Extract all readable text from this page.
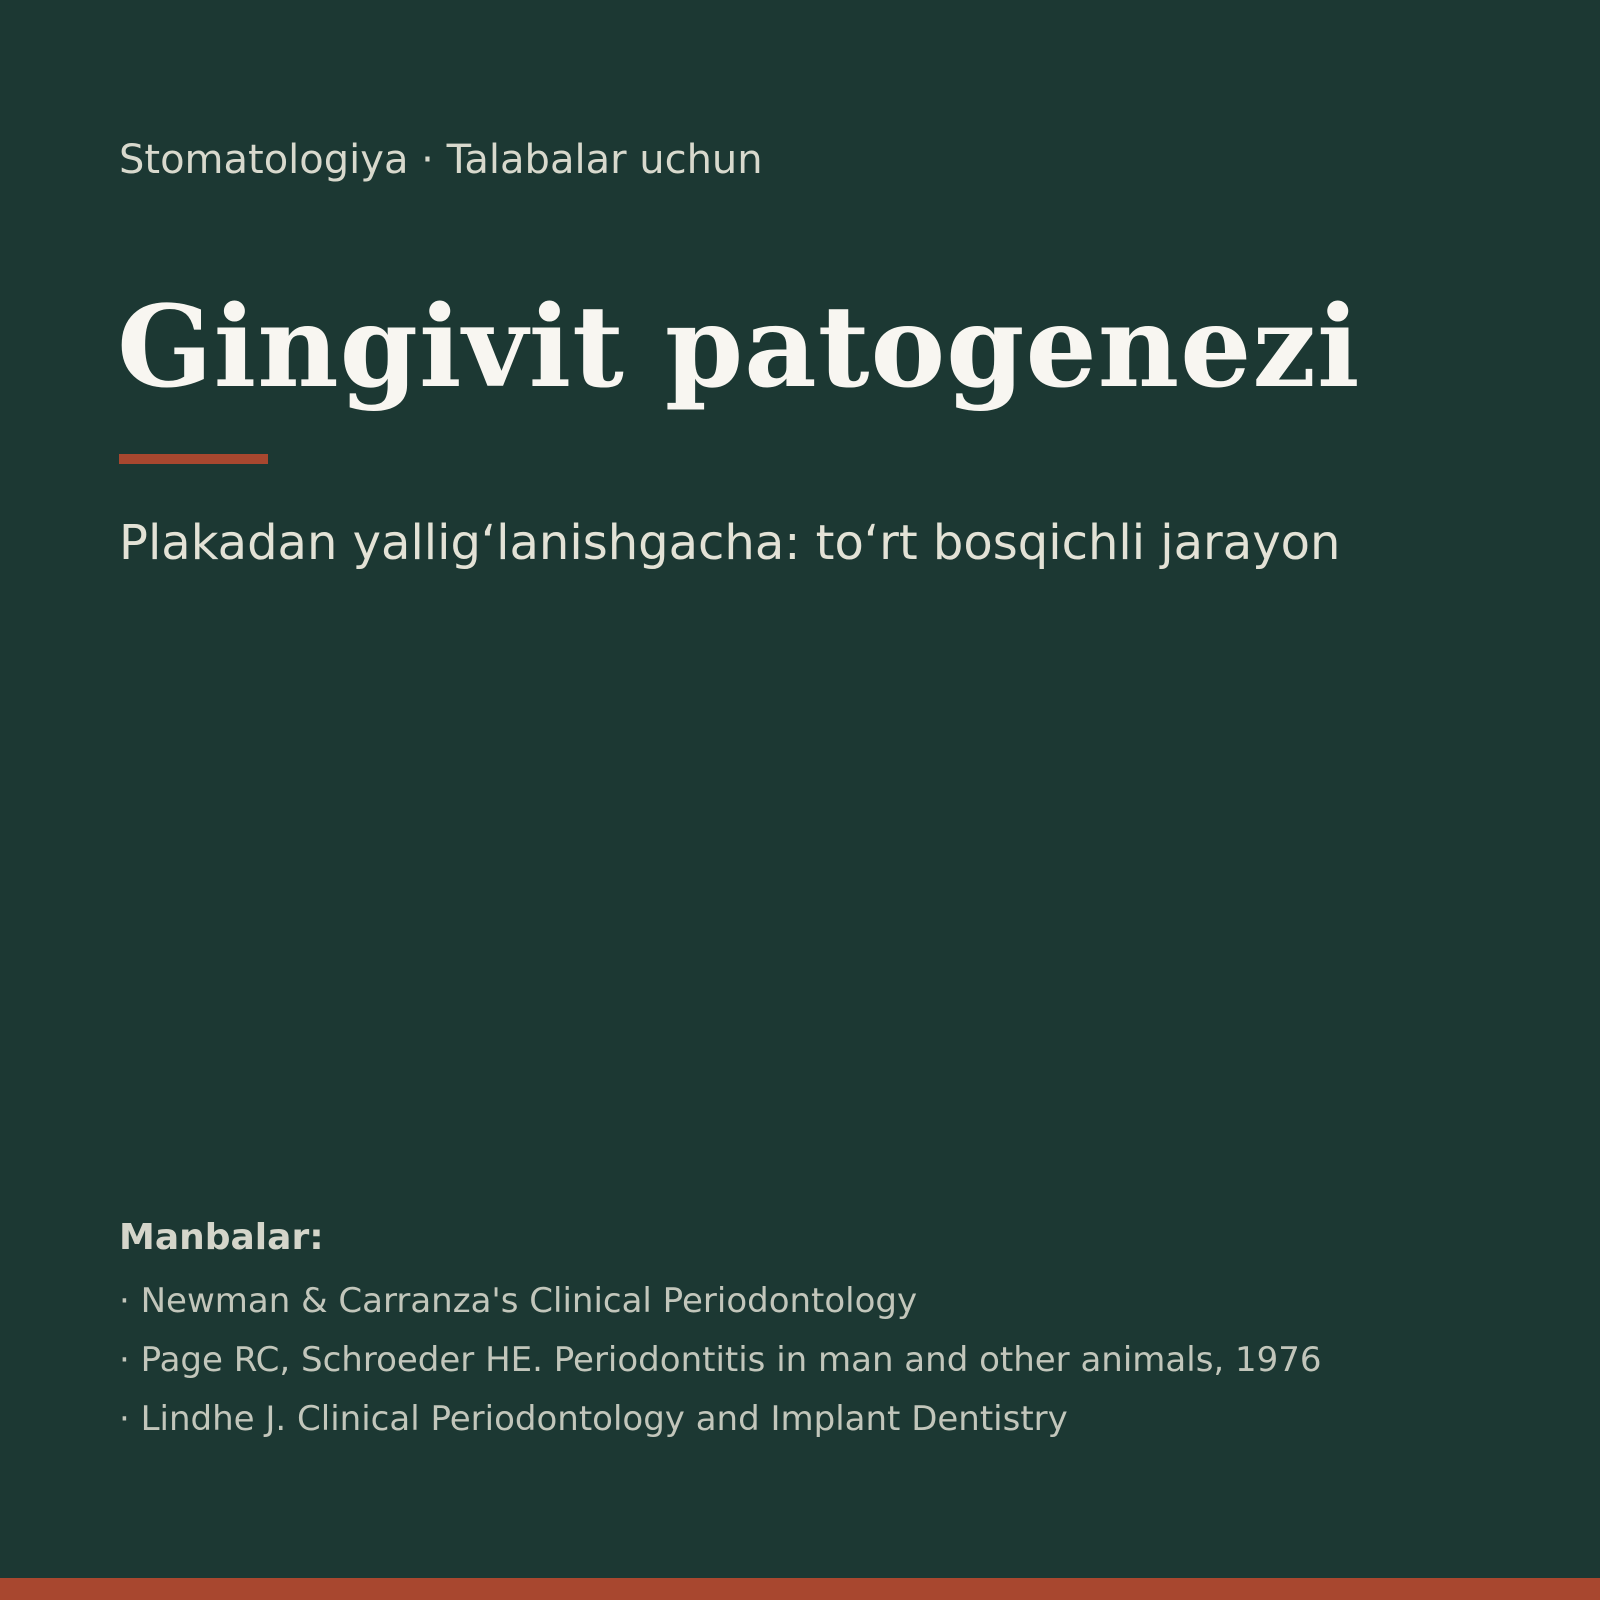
Stomatologiya · Talabalar uchun
Gingivit patogenezi
Plakadan yallig‘lanishgacha: to‘rt bosqichli jarayon
Manbalar:
· Newman & Carranza's Clinical Periodontology
· Page RC, Schroeder HE. Periodontitis in man and other animals, 1976
· Lindhe J. Clinical Periodontology and Implant Dentistry
